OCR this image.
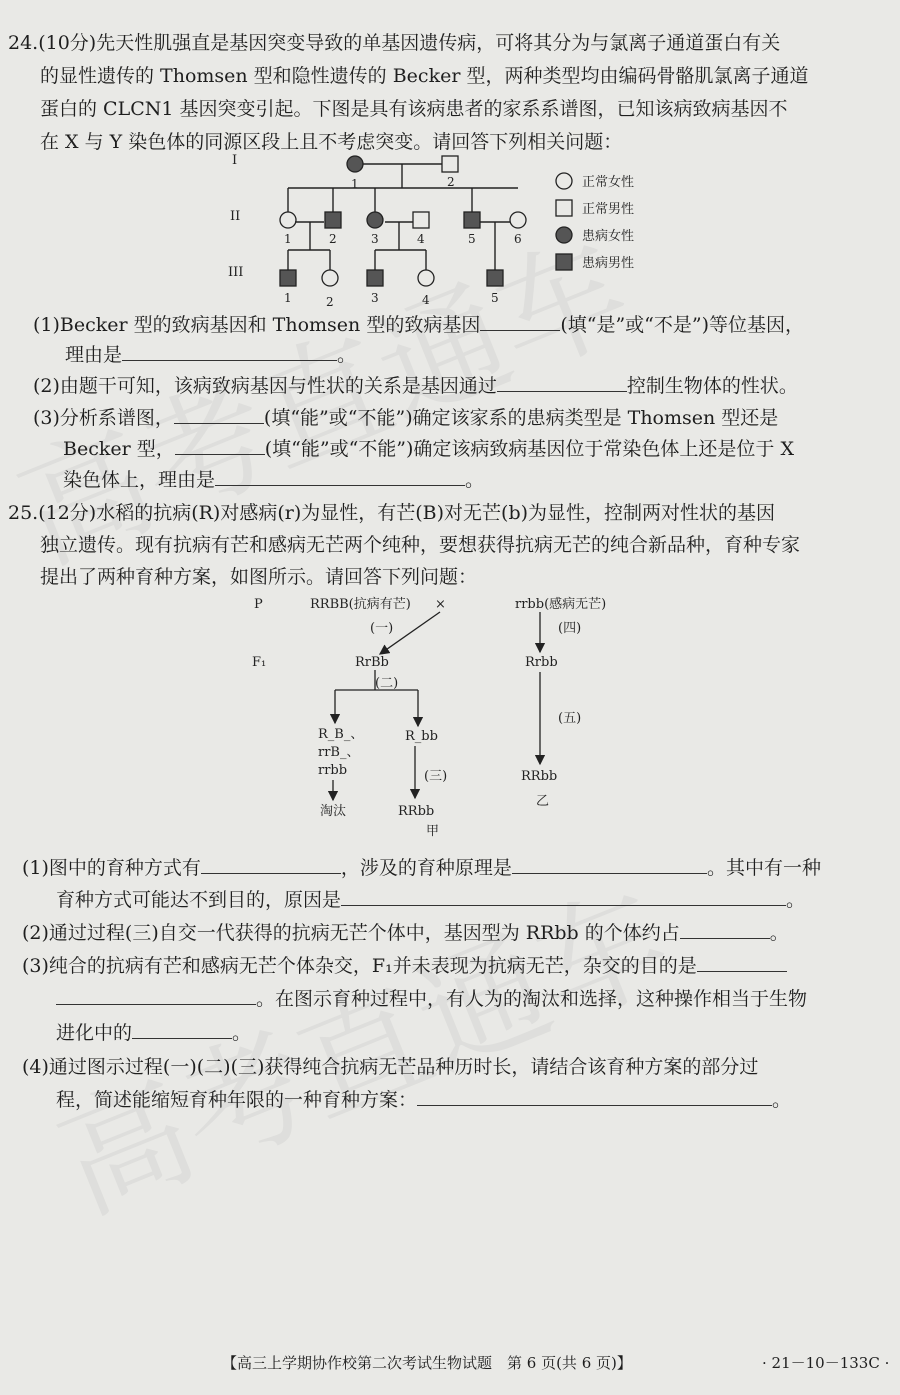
24.(10分)先天性肌强直是基因突变导致的单基因遗传病，可将其分为与氯离子通道蛋白有关
的显性遗传的 Thomsen 型和隐性遗传的 Becker 型，两种类型均由编码骨骼肌氯离子通道
蛋白的 CLCN1 基因突变引起。下图是具有该病患者的家系系谱图，已知该病致病基因不
在 X 与 Y 染色体的同源区段上且不考虑突变。请回答下列相关问题：
I
II
III
1	2
1	2	3	4	5	6
1	2	3	4	5
正常女性
正常男性
患病女性
患病男性
(1)Becker 型的致病基因和 Thomsen 型的致病基因	(填“是”或“不是”)等位基因，
理由是	。
(2)由题干可知，该病致病基因与性状的关系是基因通过	控制生物体的性状。
(3)分析系谱图，	(填“能”或“不能”)确定该家系的患病类型是 Thomsen 型还是
Becker 型，	(填“能”或“不能”)确定该病致病基因位于常染色体上还是位于 X
染色体上，理由是	。
25.(12分)水稻的抗病(R)对感病(r)为显性，有芒(B)对无芒(b)为显性，控制两对性状的基因
独立遗传。现有抗病有芒和感病无芒两个纯种，要想获得抗病无芒的纯合新品种，育种专家
提出了两种育种方案，如图所示。请回答下列问题：
P
F₁
RRBB(抗病有芒) ×	rrbb(感病无芒)
(一)	(四)
RrBb	Rrbb
(二)
R_B_、
rrB_、
rrbb
R_bb
(五)
(三)
淘汰	RRbb
甲
RRbb
乙
(1)图中的育种方式有	，涉及的育种原理是	。其中有一种
育种方式可能达不到目的，原因是	。
(2)通过过程(三)自交一代获得的抗病无芒个体中，基因型为 RRbb 的个体约占	。
(3)纯合的抗病有芒和感病无芒个体杂交，F₁并未表现为抗病无芒，杂交的目的是
。在图示育种过程中，有人为的淘汰和选择，这种操作相当于生物
进化中的	。
(4)通过图示过程(一)(二)(三)获得纯合抗病无芒品种历时长，请结合该育种方案的部分过
程，简述能缩短育种年限的一种育种方案：	。
【高三上学期协作校第二次考试生物试题　第 6 页(共 6 页)】	· 21－10－133C ·
